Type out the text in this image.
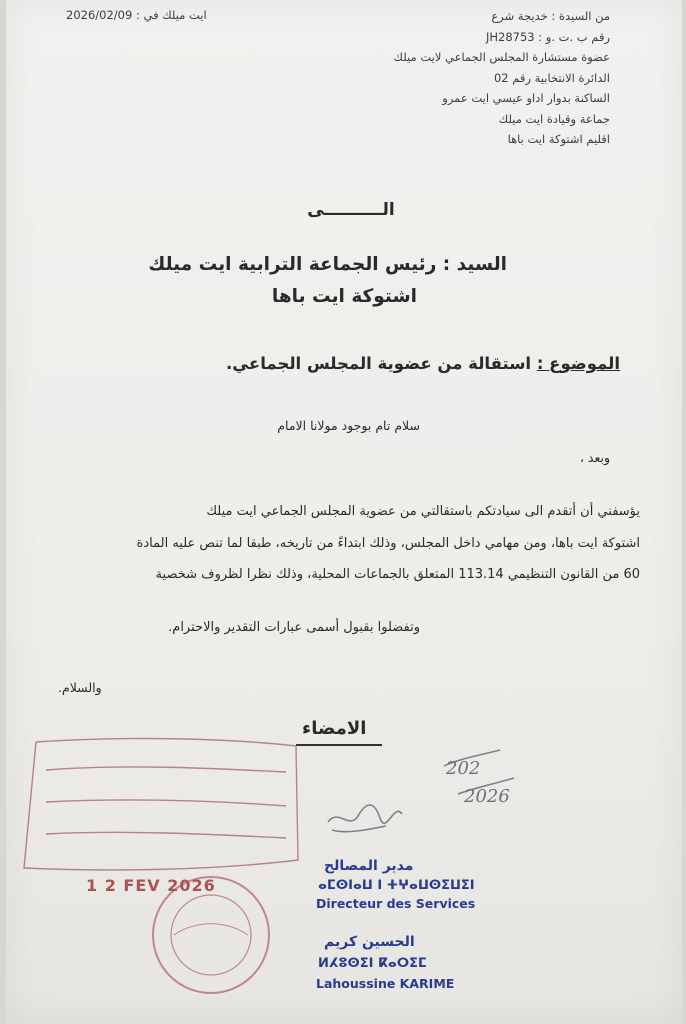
ايت ميلك في : 2026/02/09	من السيدة : خديجة شرع
رقم ب .ت .و : JH28753
عضوة مستشارة المجلس الجماعي لايت ميلك
الدائرة الانتخابية رقم 02
الساكنة بدوار اداو عيسي ايت عمرو
جماعة وقيادة ايت ميلك
اقليم اشتوكة ايت باها
الــــــــــى
السيد : رئيس الجماعة الترابية ايت ميلك
اشتوكة ايت باها
الموضوع : استقالة من عضوية المجلس الجماعي.
سلام تام بوجود مولانا الامام
وبعد ،

يؤسفني أن أتقدم الى سيادتكم باستقالتي من عضوية المجلس الجماعي ايت ميلك

اشتوكة ايت باها، ومن مهامي داخل المجلس، وذلك ابتداءً من تاريخه، طبقا لما تنص عليه المادة

60 من القانون التنظيمي 113.14 المتعلق بالجماعات المحلية، وذلك نظرا لظروف شخصية

وتفضلوا بقبول أسمى عبارات التقدير والاحترام.
والسلام.
الامضاء
202
2026
1 2 FEV 2026
مدير المصالح
ⴰⵎⵙⵏⴰⵡ ⵏ ⵜⵖⴰⵡⵙⵉⵡⵉⵏ
Directeur des Services
الحسين كريم
ⵍⵃⵓⵙⵉⵏ ⴽⴰⵔⵉⵎ
Lahoussine KARIME
